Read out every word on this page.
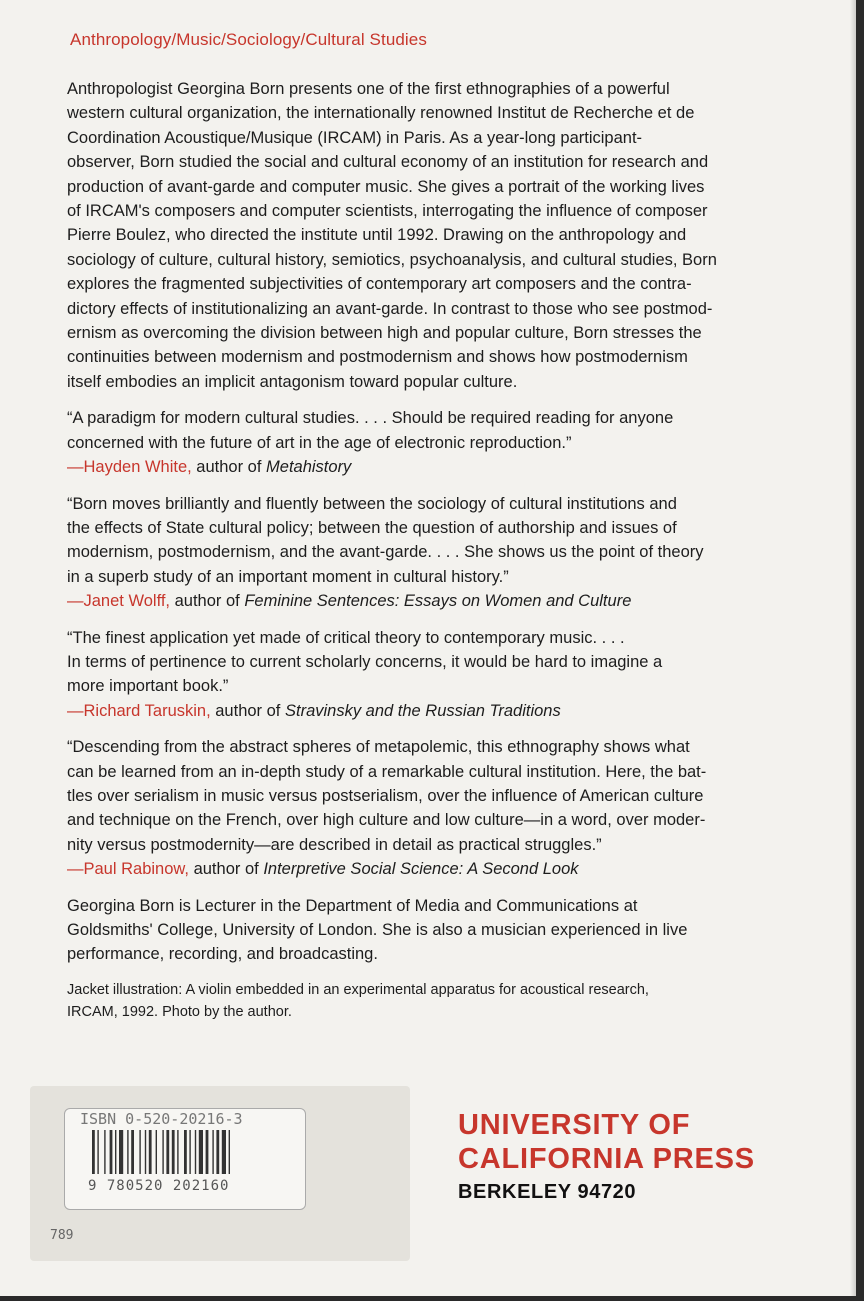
Anthropology/Music/Sociology/Cultural Studies

Anthropologist Georgina Born presents one of the first ethnographies of a powerful
western cultural organization, the internationally renowned Institut de Recherche et de
Coordination Acoustique/Musique (IRCAM) in Paris. As a year-long participant-
observer, Born studied the social and cultural economy of an institution for research and
production of avant-garde and computer music. She gives a portrait of the working lives
of IRCAM's composers and computer scientists, interrogating the influence of composer
Pierre Boulez, who directed the institute until 1992. Drawing on the anthropology and
sociology of culture, cultural history, semiotics, psychoanalysis, and cultural studies, Born
explores the fragmented subjectivities of contemporary art composers and the contra-
dictory effects of institutionalizing an avant-garde. In contrast to those who see postmod-
ernism as overcoming the division between high and popular culture, Born stresses the
continuities between modernism and postmodernism and shows how postmodernism
itself embodies an implicit antagonism toward popular culture.

“A paradigm for modern cultural studies. . . . Should be required reading for anyone
concerned with the future of art in the age of electronic reproduction.”
—Hayden White, author of Metahistory

“Born moves brilliantly and fluently between the sociology of cultural institutions and
the effects of State cultural policy; between the question of authorship and issues of
modernism, postmodernism, and the avant-garde. . . . She shows us the point of theory
in a superb study of an important moment in cultural history.”
—Janet Wolff, author of Feminine Sentences: Essays on Women and Culture

“The finest application yet made of critical theory to contemporary music. . . .
In terms of pertinence to current scholarly concerns, it would be hard to imagine a
more important book.”
—Richard Taruskin, author of Stravinsky and the Russian Traditions

“Descending from the abstract spheres of metapolemic, this ethnography shows what
can be learned from an in-depth study of a remarkable cultural institution. Here, the bat-
tles over serialism in music versus postserialism, over the influence of American culture
and technique on the French, over high culture and low culture—in a word, over moder-
nity versus postmodernity—are described in detail as practical struggles.”
—Paul Rabinow, author of Interpretive Social Science: A Second Look

Georgina Born is Lecturer in the Department of Media and Communications at
Goldsmiths' College, University of London. She is also a musician experienced in live
performance, recording, and broadcasting.

Jacket illustration: A violin embedded in an experimental apparatus for acoustical research,
IRCAM, 1992. Photo by the author.

ISBN 0-520-20216-3
9 780520 202160
789
UNIVERSITY OF
CALIFORNIA PRESS
BERKELEY 94720
